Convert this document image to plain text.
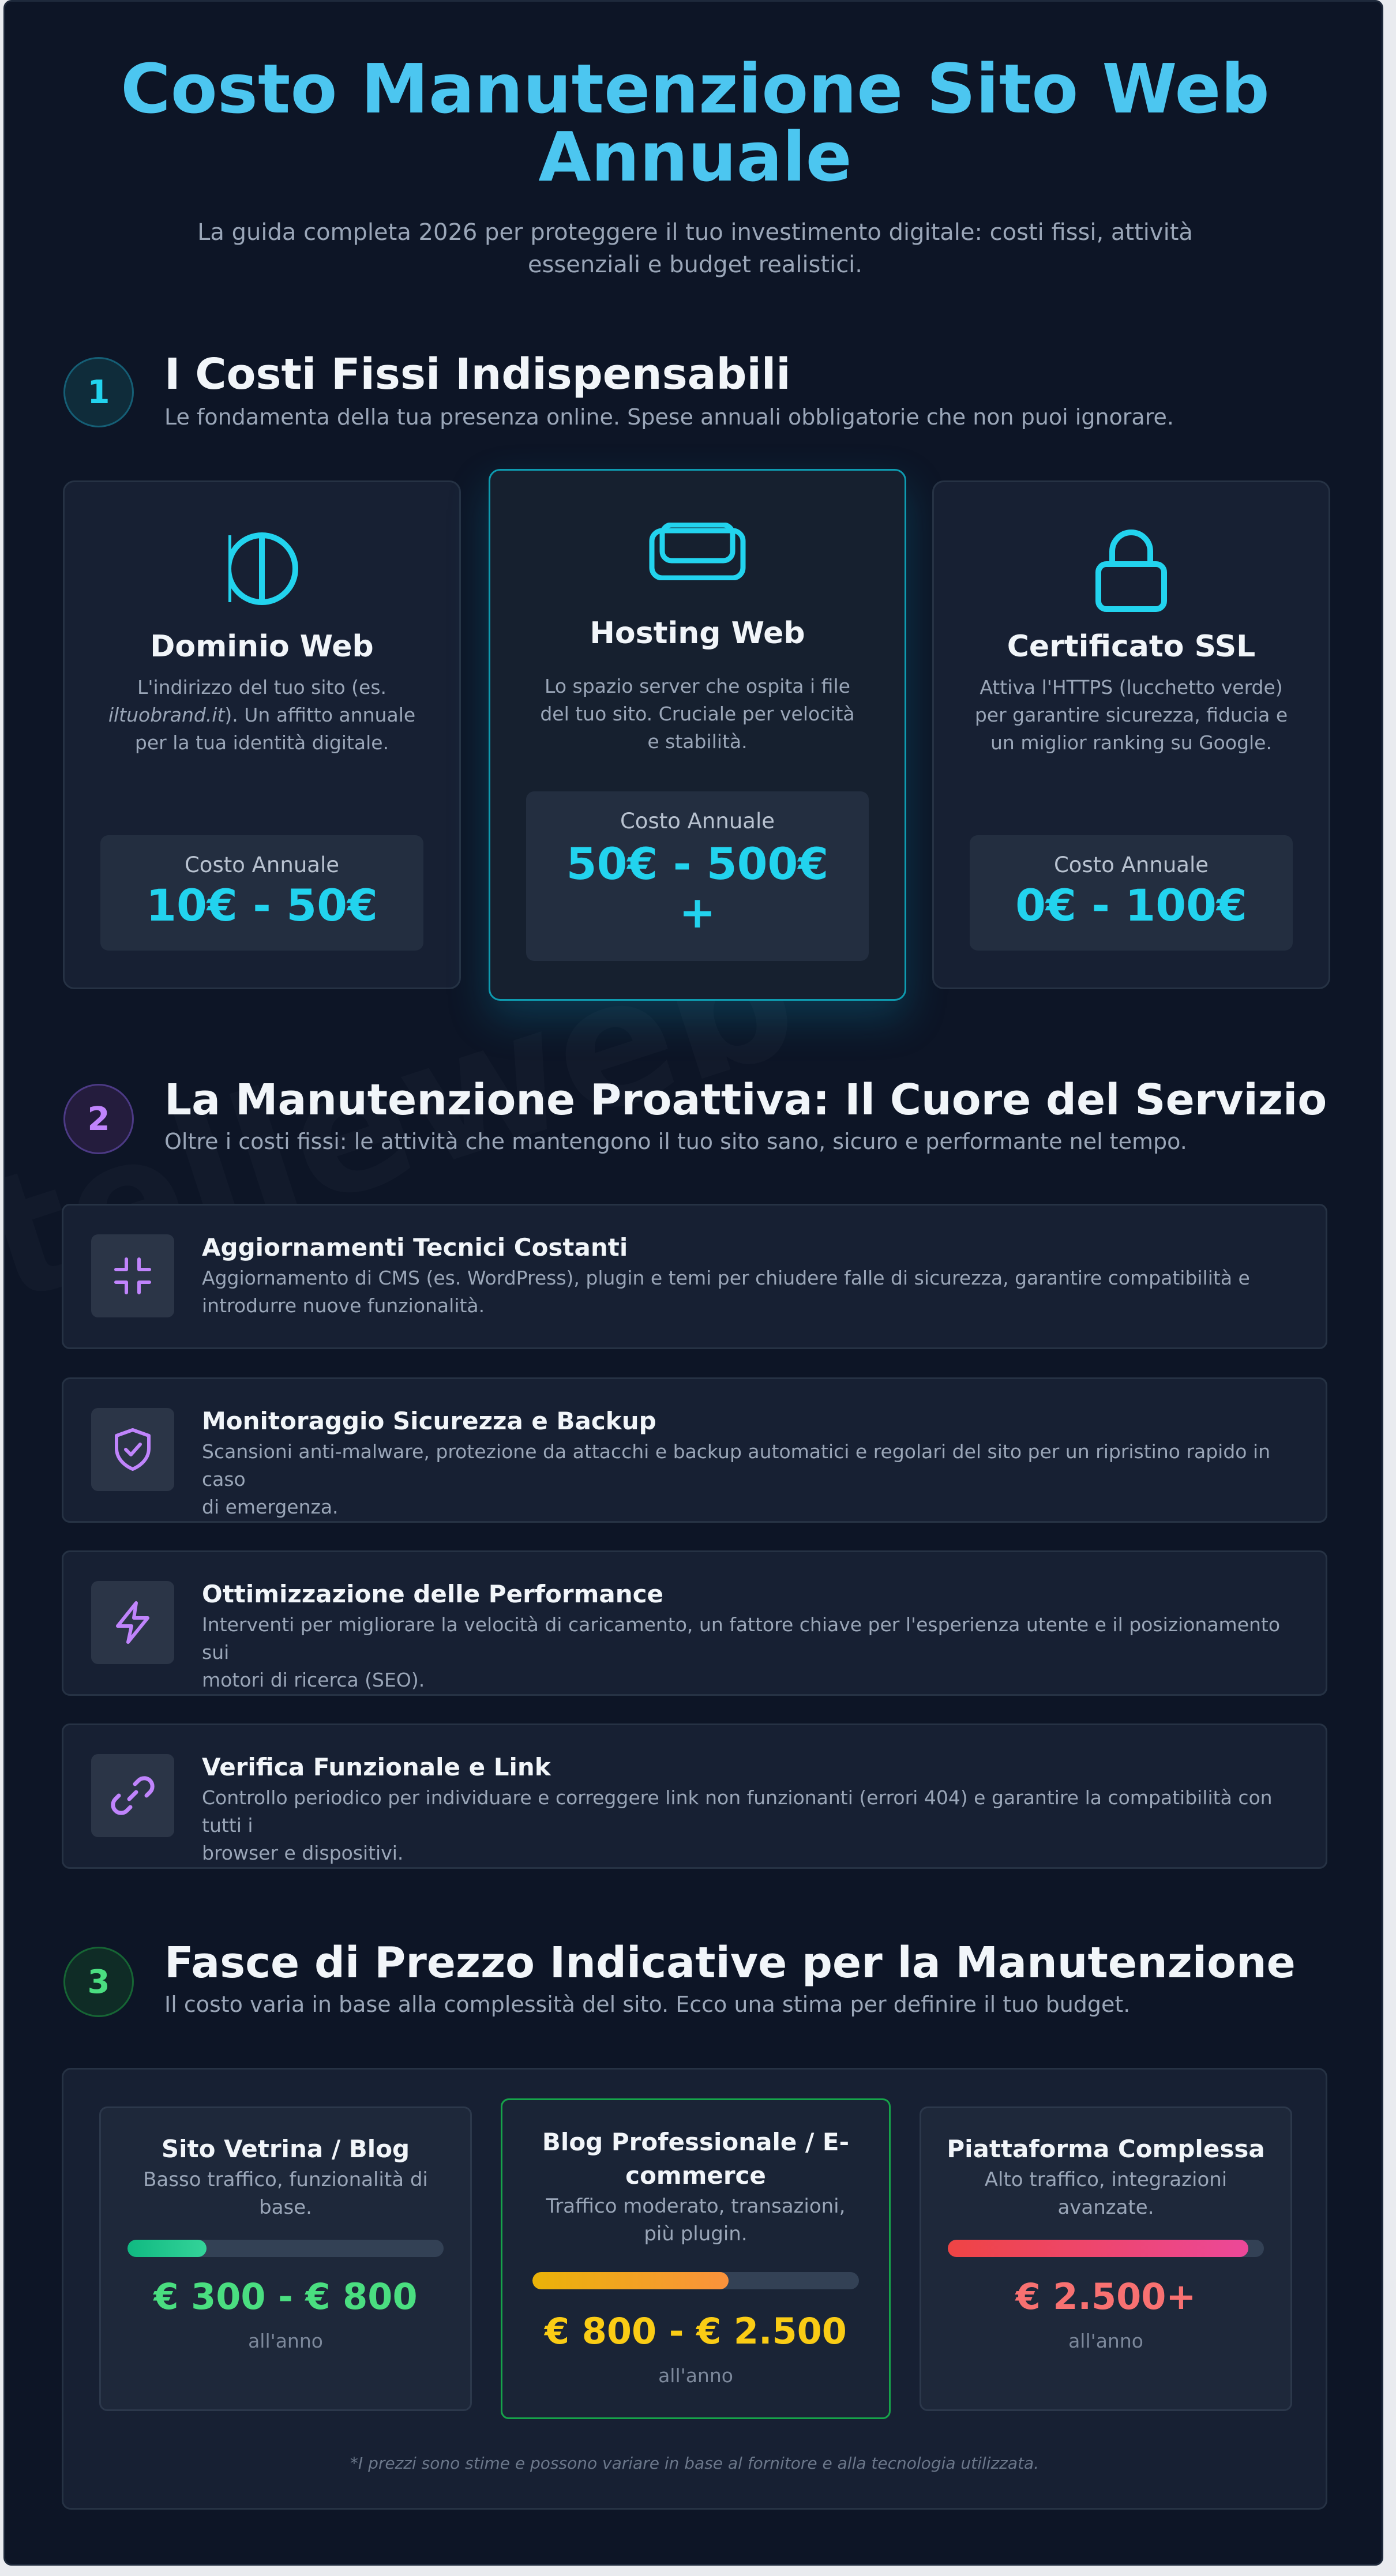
Costo Manutenzione Sito Web
Annuale
La guida completa 2026 per proteggere il tuo investimento digitale: costi fissi, attività
essenziali e budget realistici.
1	I Costi Fissi Indispensabili
Le fondamenta della tua presenza online. Spese annuali obbligatorie che non puoi ignorare.
Dominio Web
L'indirizzo del tuo sito (es.
iltuobrand.it). Un affitto annuale
per la tua identità digitale.
Costo Annuale
10€ - 50€
Hosting Web
Lo spazio server che ospita i file
del tuo sito. Cruciale per velocità
e stabilità.
Costo Annuale
50€ - 500€
+
Certificato SSL
Attiva l'HTTPS (lucchetto verde)
per garantire sicurezza, fiducia e
un miglior ranking su Google.
Costo Annuale
0€ - 100€
2	La Manutenzione Proattiva: Il Cuore del Servizio
Oltre i costi fissi: le attività che mantengono il tuo sito sano, sicuro e performante nel tempo.
Aggiornamenti Tecnici Costanti
Aggiornamento di CMS (es. WordPress), plugin e temi per chiudere falle di sicurezza, garantire compatibilità e
introdurre nuove funzionalità.
Monitoraggio Sicurezza e Backup
Scansioni anti-malware, protezione da attacchi e backup automatici e regolari del sito per un ripristino rapido in caso
di emergenza.
Ottimizzazione delle Performance
Interventi per migliorare la velocità di caricamento, un fattore chiave per l'esperienza utente e il posizionamento sui
motori di ricerca (SEO).
Verifica Funzionale e Link
Controllo periodico per individuare e correggere link non funzionanti (errori 404) e garantire la compatibilità con tutti i
browser e dispositivi.
3	Fasce di Prezzo Indicative per la Manutenzione
Il costo varia in base alla complessità del sito. Ecco una stima per definire il tuo budget.
Sito Vetrina / Blog
Basso traffico, funzionalità di
base.
€ 300 - € 800
all'anno
Blog Professionale / E-
commerce
Traffico moderato, transazioni,
più plugin.
€ 800 - € 2.500
all'anno
Piattaforma Complessa
Alto traffico, integrazioni
avanzate.
€ 2.500+
all'anno
*I prezzi sono stime e possono variare in base al fornitore e alla tecnologia utilizzata.
